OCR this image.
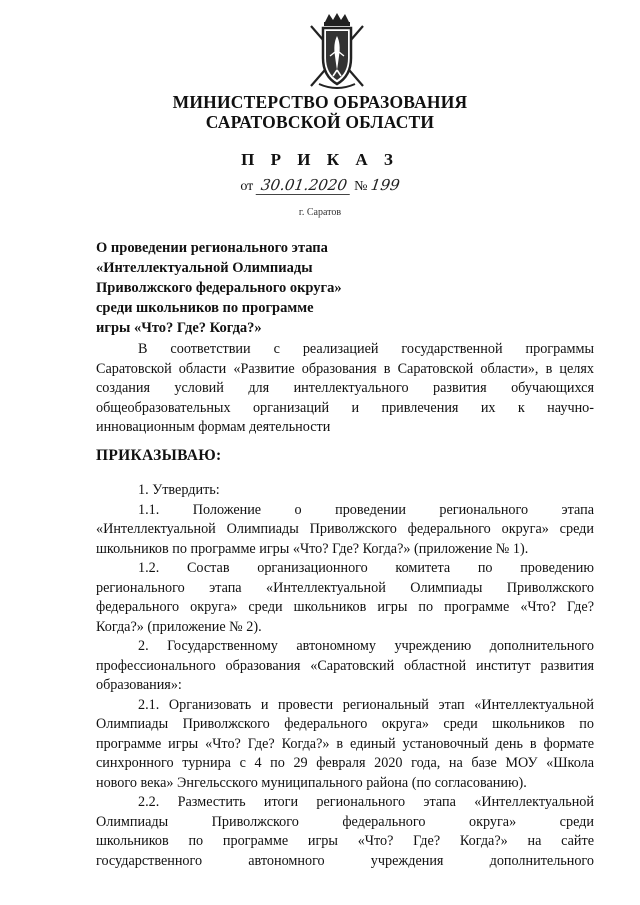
МИНИСТЕРСТВО ОБРАЗОВАНИЯ
САРАТОВСКОЙ ОБЛАСТИ
П Р И К А З
от 30.01.2020 № 199
г. Саратов
О проведении регионального этапа
«Интеллектуальной Олимпиады
Приволжского федерального округа»
среди школьников по программе
игры «Что? Где? Когда?»
В соответствии с реализацией государственной программы
Саратовской области «Развитие образования в Саратовской области», в целях
создания условий для интеллектуального развития обучающихся
общеобразовательных организаций и привлечения их к научно-
инновационным формам деятельности
ПРИКАЗЫВАЮ:
1. Утвердить:
1.1. Положение о проведении регионального этапа
«Интеллектуальной Олимпиады Приволжского федерального округа» среди
школьников по программе игры «Что? Где? Когда?» (приложение № 1).
1.2. Состав организационного комитета по проведению
регионального этапа «Интеллектуальной Олимпиады Приволжского
федерального округа» среди школьников игры по программе «Что? Где?
Когда?» (приложение № 2).
2. Государственному автономному учреждению дополнительного
профессионального образования «Саратовский областной институт развития
образования»:
2.1. Организовать и провести региональный этап «Интеллектуальной
Олимпиады Приволжского федерального округа» среди школьников по
программе игры «Что? Где? Когда?» в единый установочный день в формате
синхронного турнира с 4 по 29 февраля 2020 года, на базе МОУ «Школа
нового века» Энгельсского муниципального района (по согласованию).
2.2. Разместить итоги регионального этапа «Интеллектуальной
Олимпиады Приволжского федерального округа» среди
школьников по программе игры «Что? Где? Когда?» на сайте
государственного автономного учреждения дополнительного
